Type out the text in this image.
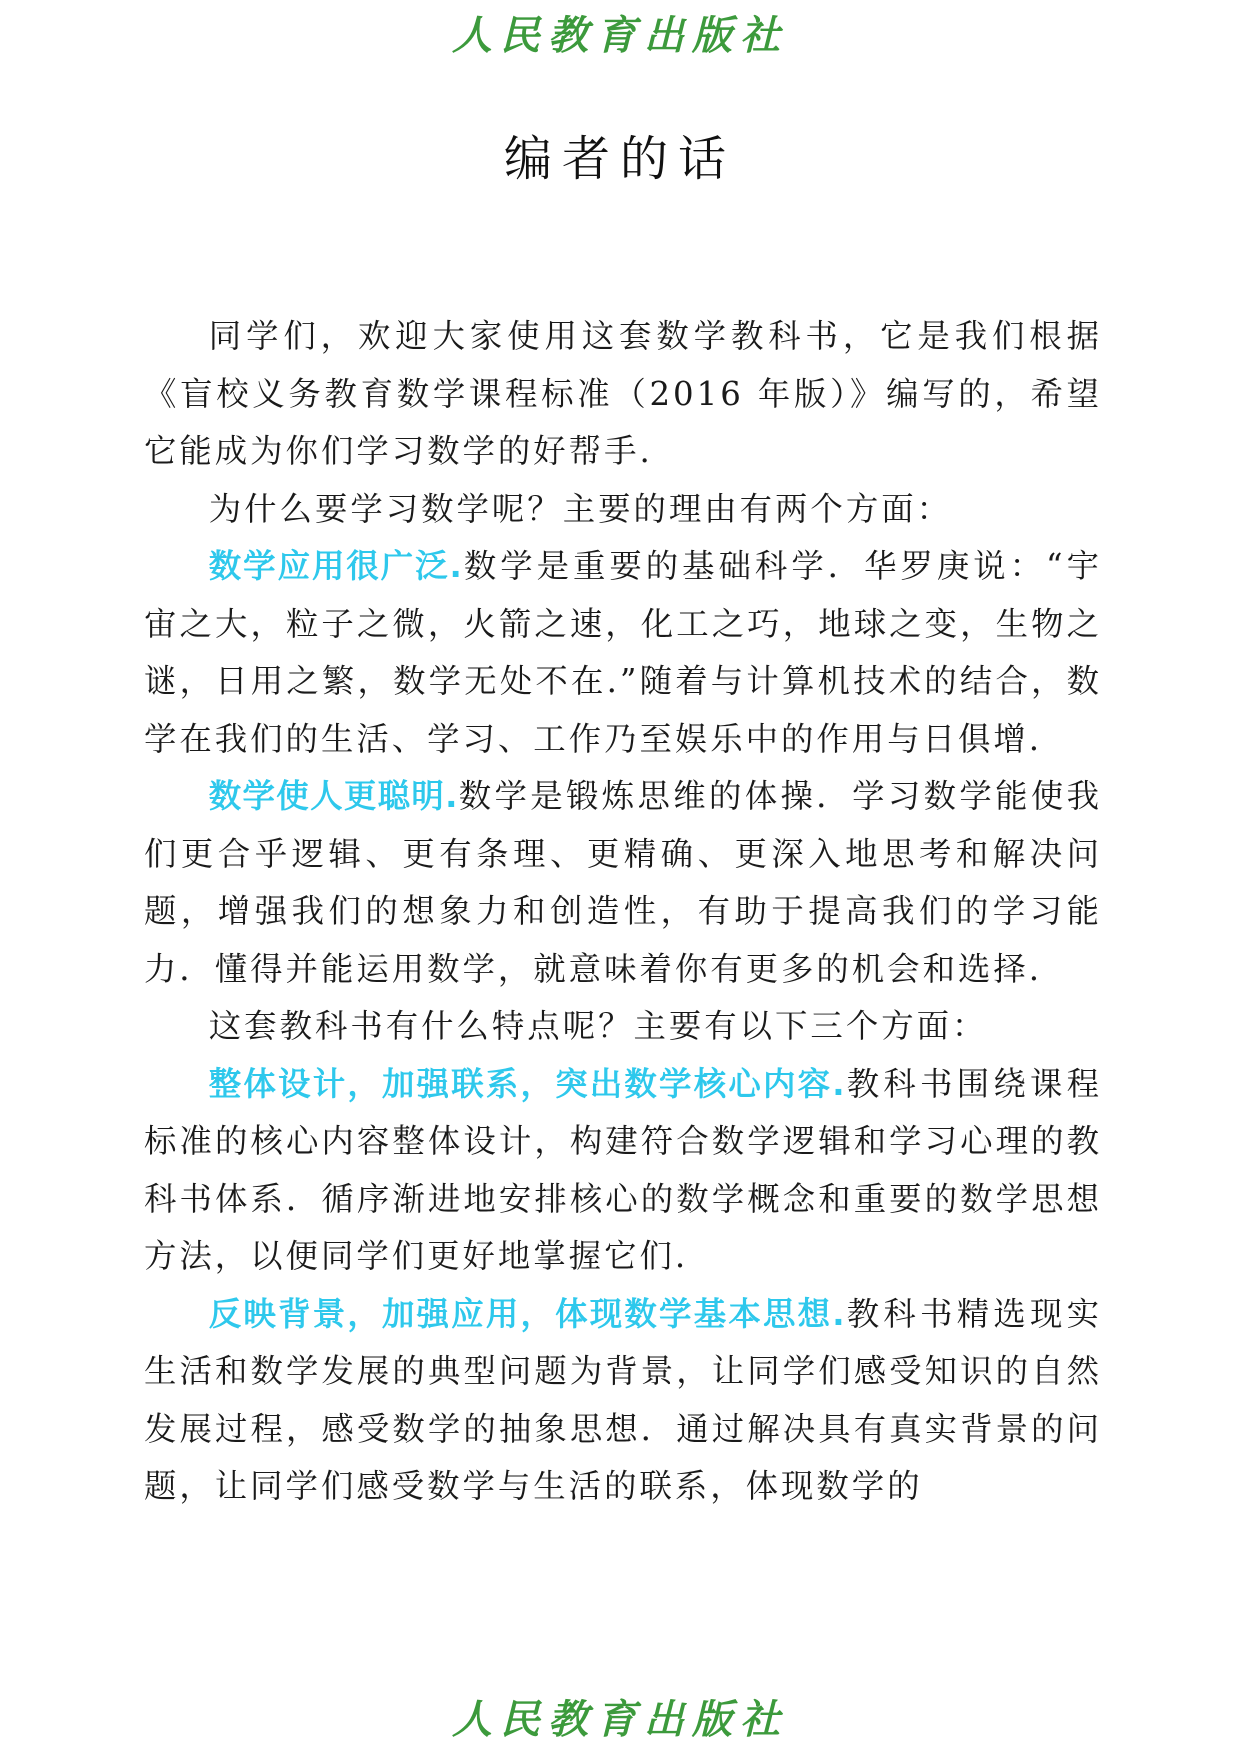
人民教育出版社
编者的话

同学们，欢迎大家使用这套数学教科书，它是我们根据《盲校义务教育数学课程标准（2016 年版）》编写的，希望它能成为你们学习数学的好帮手.

为什么要学习数学呢？主要的理由有两个方面：

数学应用很广泛.数学是重要的基础科学．华罗庚说：“宇宙之大，粒子之微，火箭之速，化工之巧，地球之变，生物之谜，日用之繁，数学无处不在.”随着与计算机技术的结合，数学在我们的生活、学习、工作乃至娱乐中的作用与日俱增.

数学使人更聪明.数学是锻炼思维的体操．学习数学能使我们更合乎逻辑、更有条理、更精确、更深入地思考和解决问题，增强我们的想象力和创造性，有助于提高我们的学习能力．懂得并能运用数学，就意味着你有更多的机会和选择.

这套教科书有什么特点呢？主要有以下三个方面：

整体设计，加强联系，突出数学核心内容.教科书围绕课程标准的核心内容整体设计，构建符合数学逻辑和学习心理的教科书体系．循序渐进地安排核心的数学概念和重要的数学思想方法，以便同学们更好地掌握它们.

反映背景，加强应用，体现数学基本思想.教科书精选现实生活和数学发展的典型问题为背景，让同学们感受知识的自然发展过程，感受数学的抽象思想．通过解决具有真实背景的问题，让同学们感受数学与生活的联系，体现数学的

人民教育出版社
